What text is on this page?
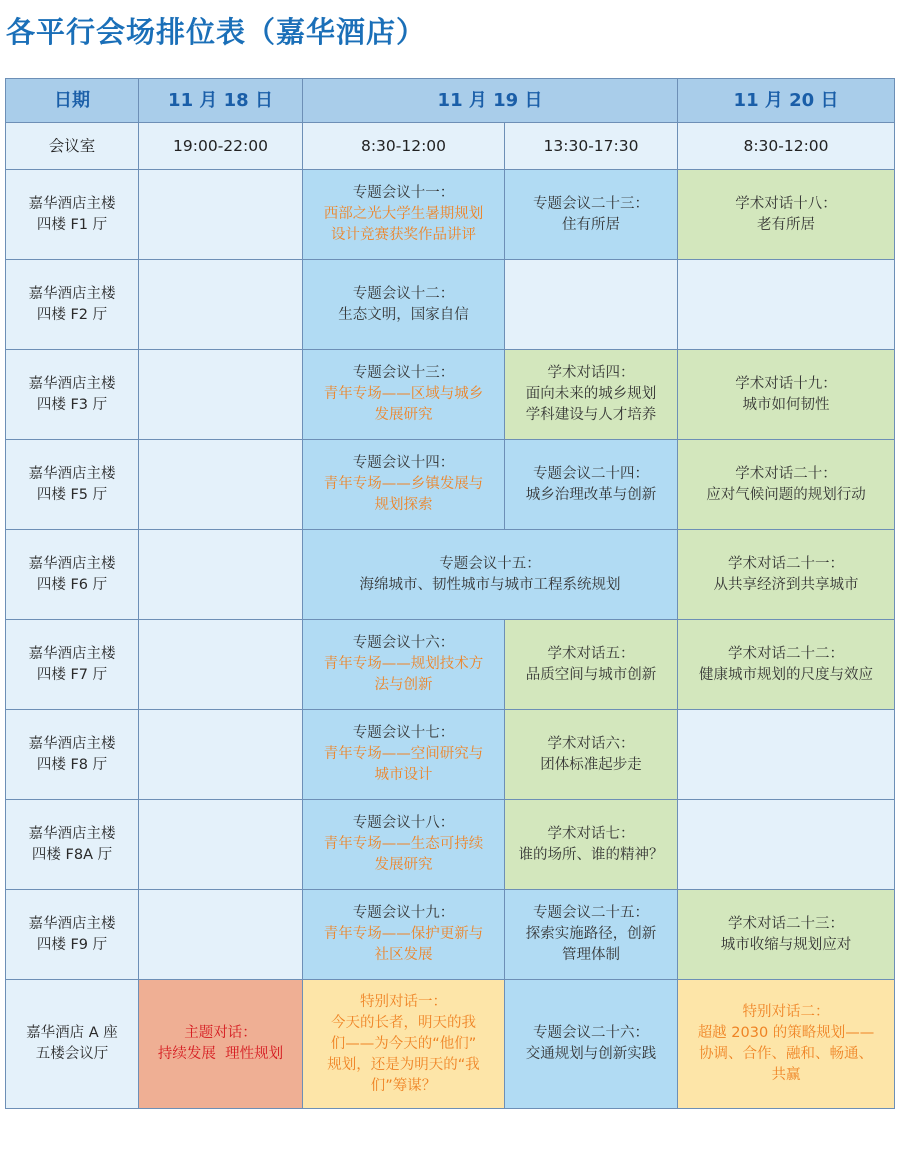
各平行会场排位表（嘉华酒店）
日期	11 月 18 日	11 月 19 日		11 月 20 日
会议室	19:00-22:00	8:30-12:00	13:30-17:30	8:30-12:00

嘉华酒店主楼
四楼 F1 厅		专题会议十一：
西部之光大学生暑期规划
设计竞赛获奖作品讲评	专题会议二十三：
住有所居	学术对话十八：
老有所居

嘉华酒店主楼
四楼 F2 厅		专题会议十二：
生态文明，国家自信		

嘉华酒店主楼
四楼 F3 厅		专题会议十三：
青年专场——区域与城乡
发展研究	学术对话四：
面向未来的城乡规划
学科建设与人才培养	学术对话十九：
城市如何韧性

嘉华酒店主楼
四楼 F5 厅		专题会议十四：
青年专场——乡镇发展与
规划探索	专题会议二十四：
城乡治理改革与创新	学术对话二十：
应对气候问题的规划行动

嘉华酒店主楼
四楼 F6 厅		专题会议十五：
海绵城市、韧性城市与城市工程系统规划		学术对话二十一：
从共享经济到共享城市

嘉华酒店主楼
四楼 F7 厅		专题会议十六：
青年专场——规划技术方
法与创新	学术对话五：
品质空间与城市创新	学术对话二十二：
健康城市规划的尺度与效应

嘉华酒店主楼
四楼 F8 厅		专题会议十七：
青年专场——空间研究与
城市设计	学术对话六：
团体标准起步走	

嘉华酒店主楼
四楼 F8A 厅		专题会议十八：
青年专场——生态可持续
发展研究	学术对话七：
谁的场所、谁的精神？	

嘉华酒店主楼
四楼 F9 厅		专题会议十九：
青年专场——保护更新与
社区发展	专题会议二十五：
探索实施路径，创新
管理体制	学术对话二十三：
城市收缩与规划应对

嘉华酒店 A 座
五楼会议厅	主题对话：
持续发展  理性规划	特别对话一：
今天的长者，明天的我
们——为今天的“他们”
规划，还是为明天的“我
们”筹谋？	专题会议二十六：
交通规划与创新实践	特别对话二：
超越 2030 的策略规划——
协调、合作、融和、畅通、
共赢
